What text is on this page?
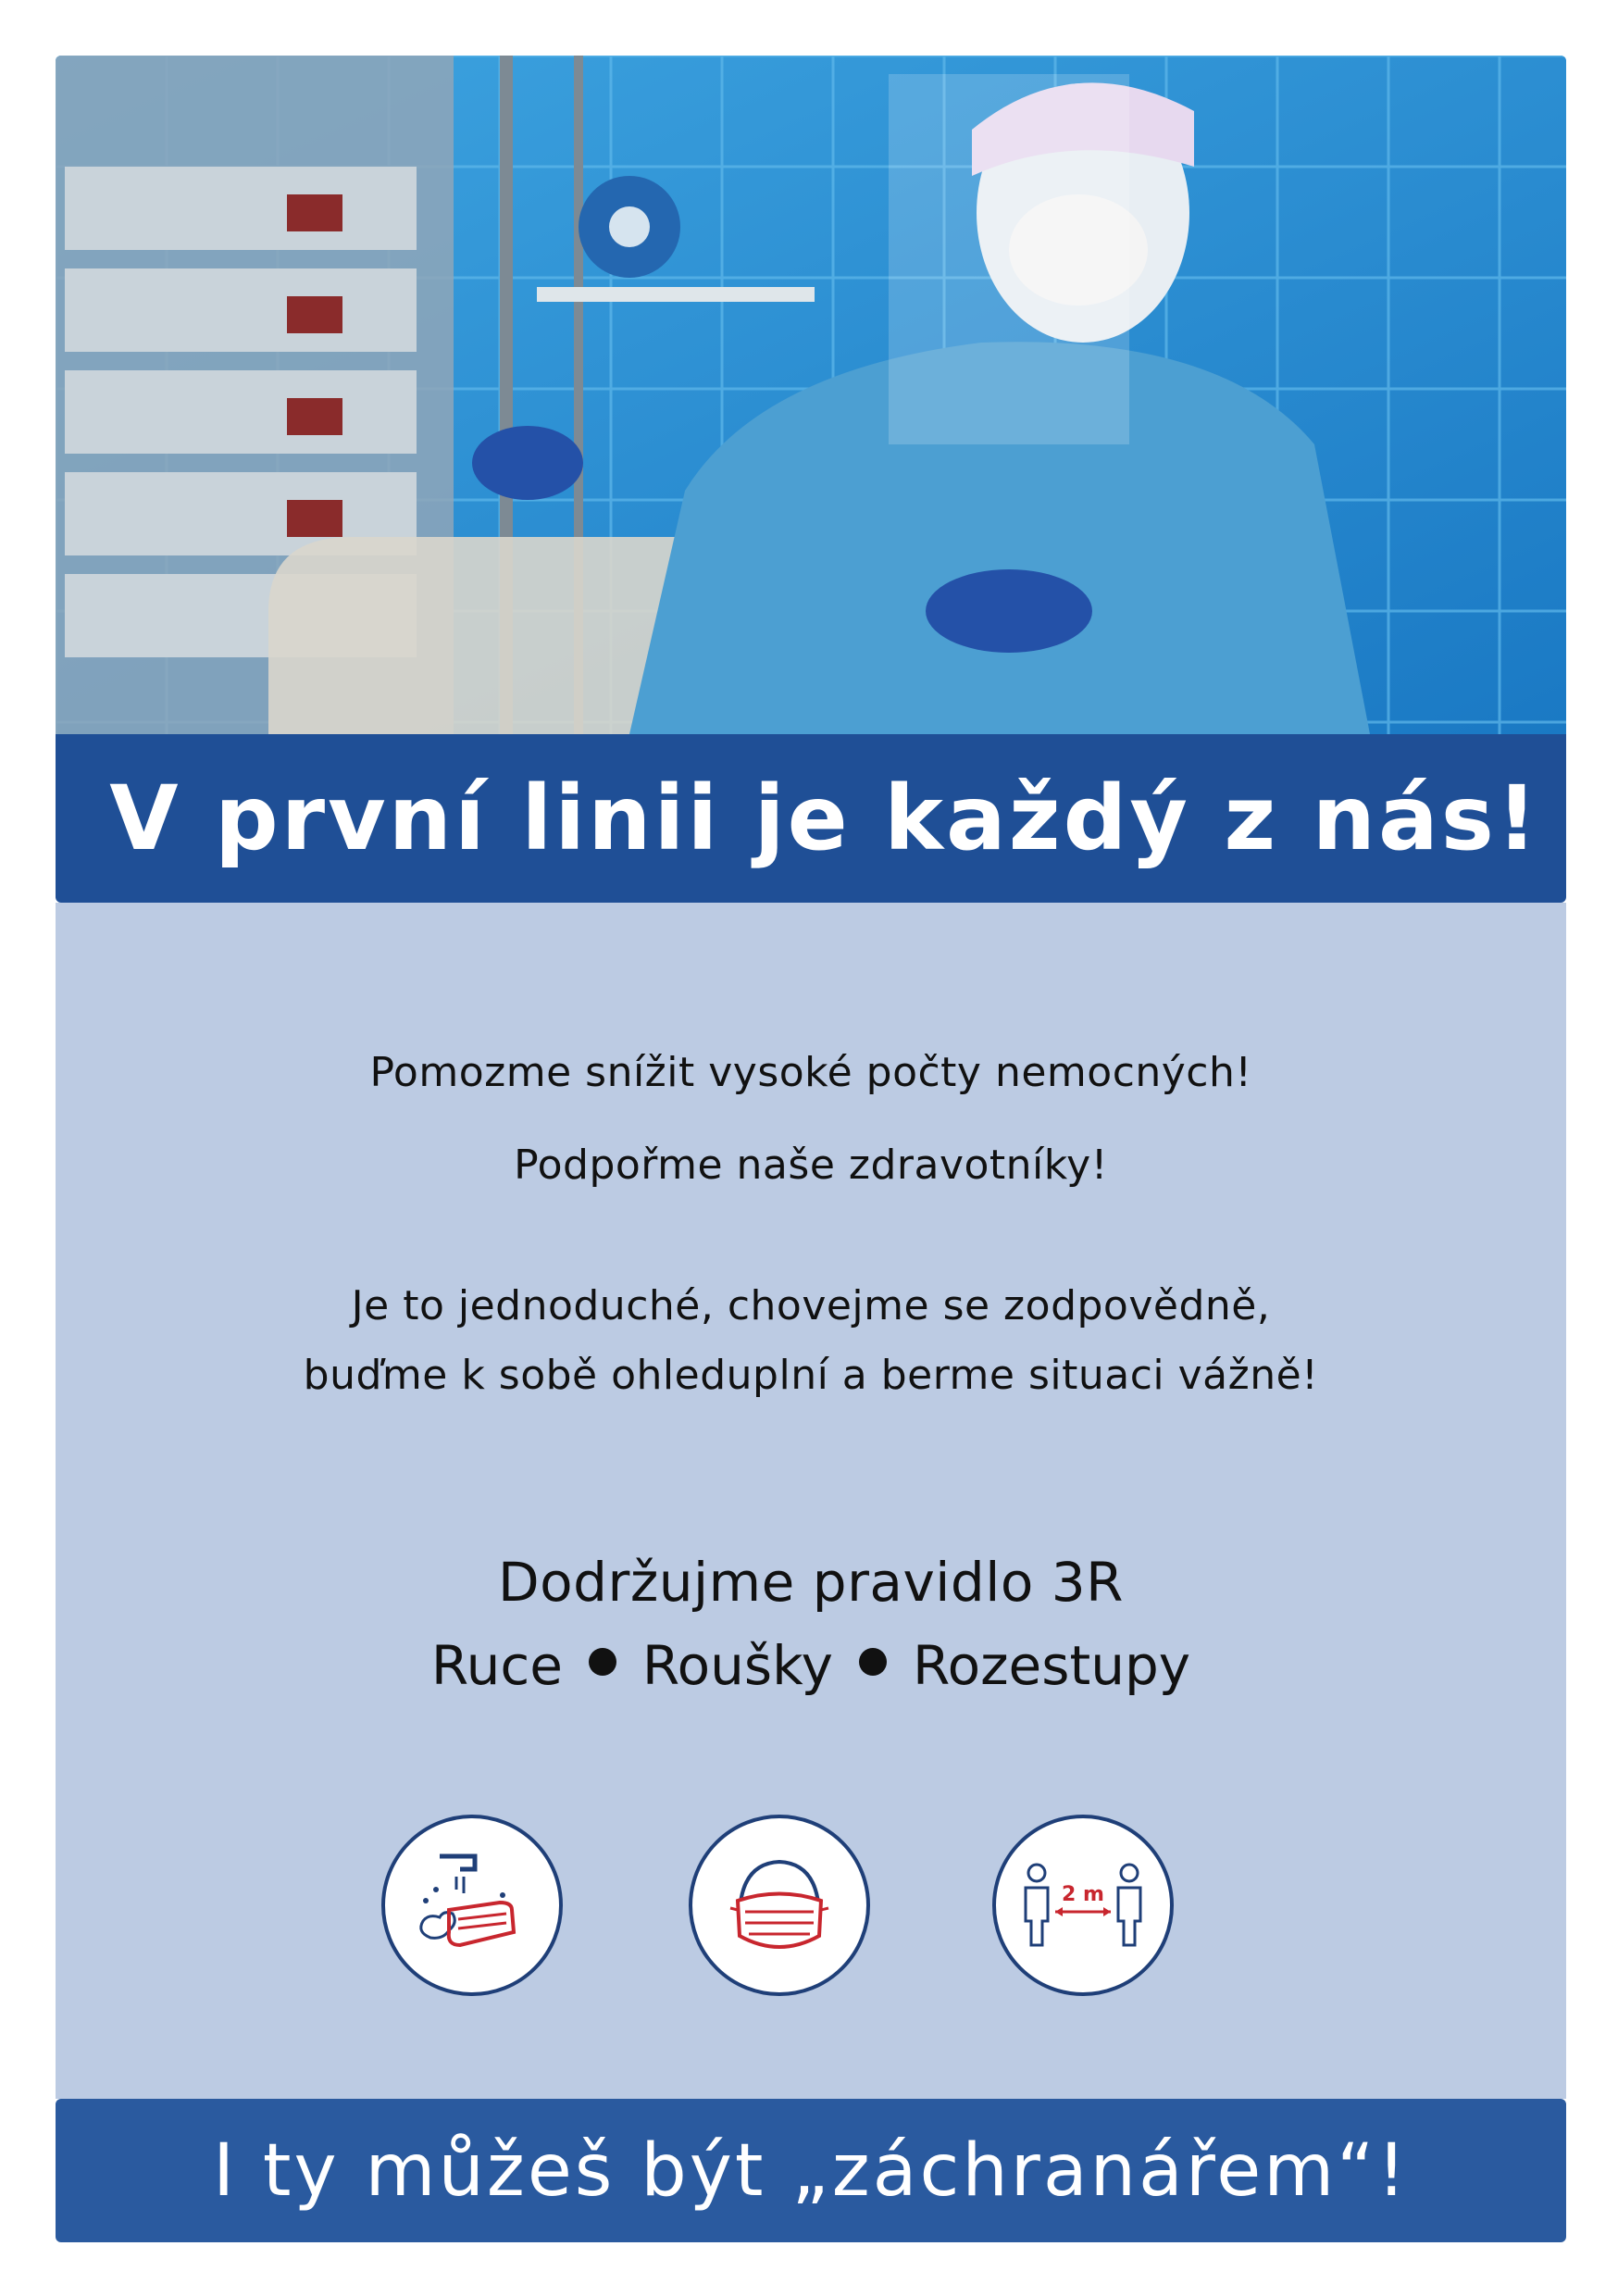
V první linii je každý z nás!
Pomozme snížit vysoké počty nemocných!
Podpořme naše zdravotníky!
Je to jednoduché, chovejme se zodpovědně,
buďme k sobě ohleduplní a berme situaci vážně!
Dodržujme pravidlo 3R
Ruce Roušky Rozestupy
2 m
I ty můžeš být „záchranářem“!
